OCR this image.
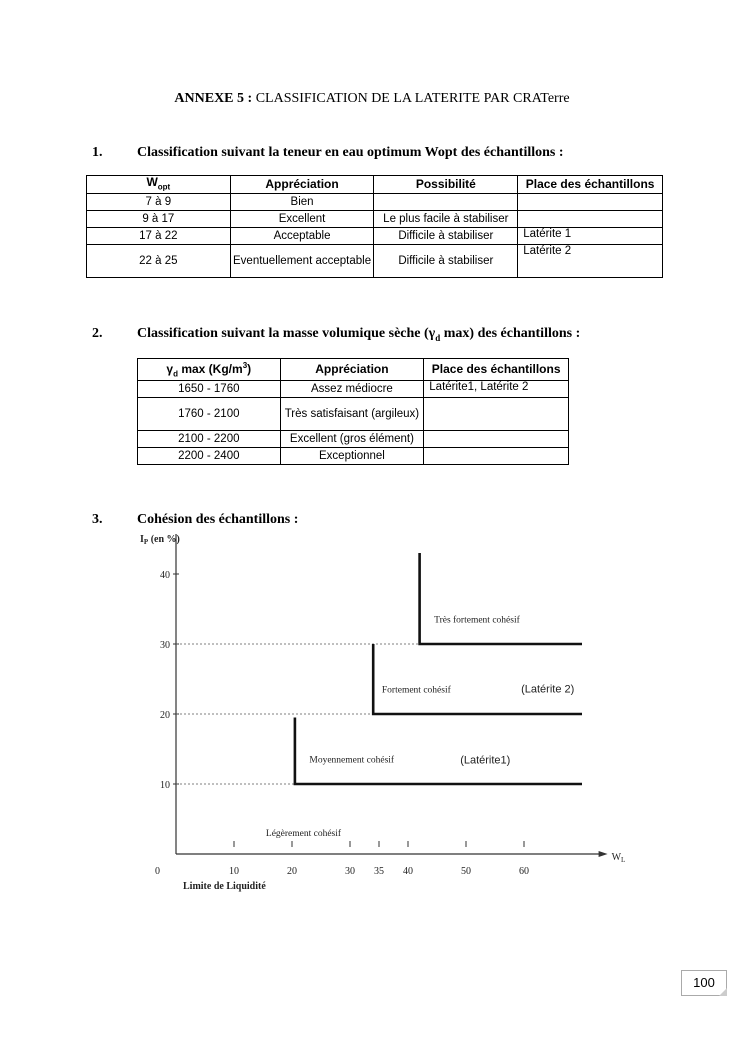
ANNEXE 5 : CLASSIFICATION DE LA LATERITE PAR CRATerre
1. Classification suivant la teneur en eau optimum Wopt des échantillons :
$W_{opt}$	Appréciation	Possibilité	Place des échantillons
7 à 9	Bien		
9 à 17	Excellent	Le plus facile à stabiliser	
17 à 22	Acceptable	Difficile à stabiliser	Latérite 1
22 à 25	Eventuellement acceptable	Difficile à stabiliser	Latérite 2
2. Classification suivant la masse volumique sèche ($\gamma_d$ max) des échantillons :
$\gamma_d$ $\max (Kg/m^3)$	Appréciation	Place des échantillons
1650 - 1760	Assez médiocre	Latérite1, Latérite 2
1760 - 2100	Très satisfaisant (argileux)	
2100 - 2200	Excellent (gros élément)	
2200 - 2400	Exceptionnel	
3. Cohésion des échantillons :
$I_P$ (en %)
$W_L$
Limite de Liquidité
0
10
20
30
40
10	20	30 35 40	50	60
Légèrement cohésif
Moyennement cohésif
Fortement cohésif
Très fortement cohésif
(Latérite1)
(Latérite 2)
100
